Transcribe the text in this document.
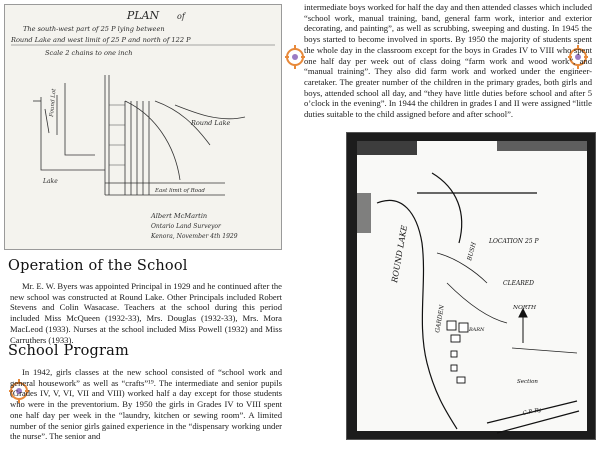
PLAN of
The south-west part of 25 P lying between
Round Lake and west limit of 25 P and north of 122 P
Scale 2 chains to one inch
Round Lake
East limit of Road
Lake
Found Lot
Albert McMartin
Ontario Land Surveyor
Kenora, November 4th 1929
Operation of the School

Mr. E. W. Byers was appointed Principal in 1929 and he continued after the new school was constructed at Round Lake. Other Principals included Robert Stevens and Colin Wasacase. Teachers at the school during this period included Miss McQueen (1932-33), Mrs. Douglas (1932-33), Mrs. Mora MacLeod (1933). Nurses at the school included Miss Powell (1932) and Miss Carruthers (1933).

School Program

In 1942, girls classes at the new school consisted of “school work and general housework” as well as “crafts”¹⁹. The intermediate and senior pupils (Grades IV, V, VI, VII and VIII) worked half a day except for those students who were in the preventorium. By 1950 the girls in Grades IV to VIII spent one half day per week in the “laundry, kitchen or sewing room”. A limited number of the senior girls gained experience in the “dispensary working under the nurse”. The senior and

intermediate boys worked for half the day and then attended classes which included “school work, manual training, band, general farm work, interior and exterior decorating, and painting”, as well as scrubbing, sweeping and dusting. In 1945 the boys started to become involved in sports. By 1950 the majority of students spent the whole day in the classroom except for the boys in Grades IV to VIII who spent one half day per week out of class doing “farm work and wood work”, and “manual training”. They also did farm work and worked under the engineer-caretaker. The greater number of the children in the primary grades, both girls and boys, attended school all day, and “they have little duties before school and after 5 o’clock in the evening”. In 1944 the children in grades I and II were assigned “little duties suitable to the child assigned before and after school”.

ROUND LAKE
GARDEN
BUSH
LOCATION 25 P
CLEARED
NORTH
BARN
Section
C.P. Ry
